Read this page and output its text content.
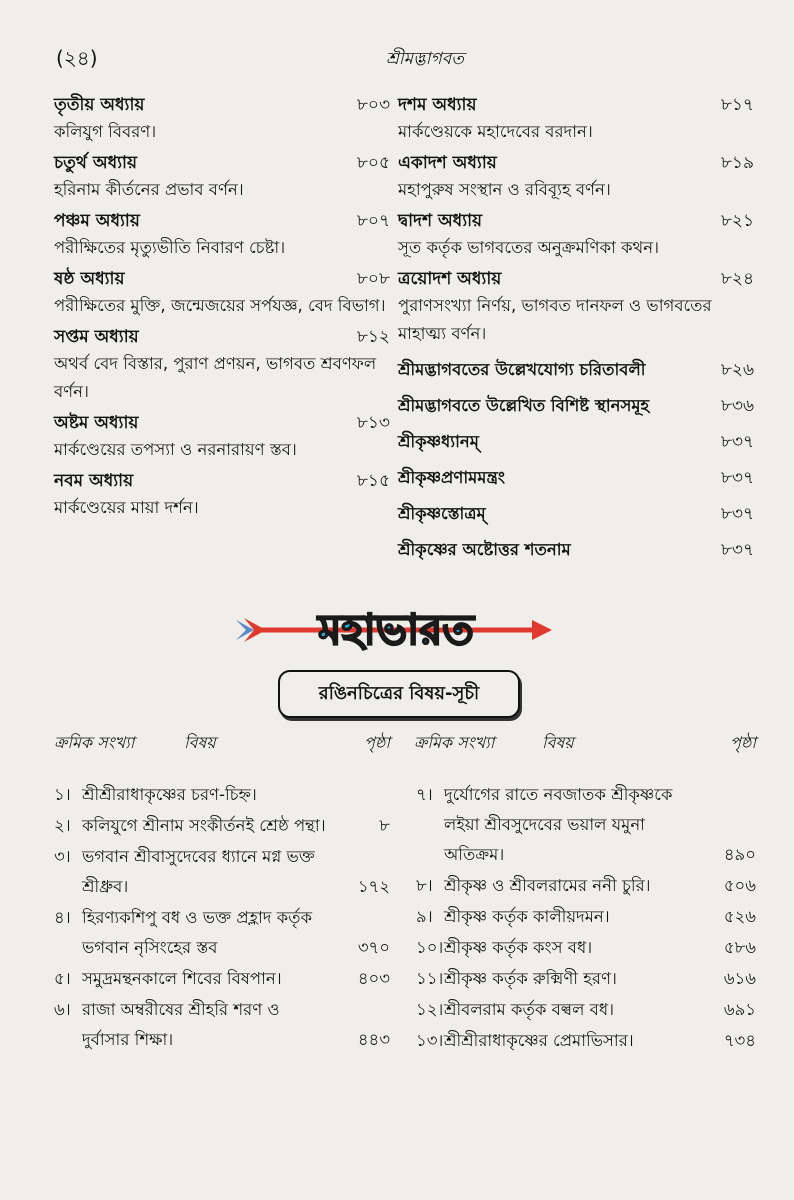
(২৪)	শ্রীমদ্ভাগবত
তৃতীয় অধ্যায়	৮০৩
কলিযুগ বিবরণ।
চতুর্থ অধ্যায়	৮০৫
হরিনাম কীর্তনের প্রভাব বর্ণন।
পঞ্চম অধ্যায়	৮০৭
পরীক্ষিতের মৃত্যুভীতি নিবারণ চেষ্টা।
ষষ্ঠ অধ্যায়	৮০৮
পরীক্ষিতের মুক্তি, জন্মেজয়ের সর্পযজ্ঞ, বেদ বিভাগ।
সপ্তম অধ্যায়	৮১২
অথর্ব বেদ বিস্তার, পুরাণ প্রণয়ন, ভাগবত শ্রবণফল বর্ণন।
অষ্টম অধ্যায়	৮১৩
মার্কণ্ডেয়ের তপস্যা ও নরনারায়ণ স্তব।
নবম অধ্যায়	৮১৫
মার্কণ্ডেয়ের মায়া দর্শন।
দশম অধ্যায়	৮১৭
মার্কণ্ডেয়কে মহাদেবের বরদান।
একাদশ অধ্যায়	৮১৯
মহাপুরুষ সংস্থান ও রবিব্যূহ বর্ণন।
দ্বাদশ অধ্যায়	৮২১
সূত কর্তৃক ভাগবতের অনুক্রমণিকা কথন।
ত্রয়োদশ অধ্যায়	৮২৪
পুরাণসংখ্যা নির্ণয়, ভাগবত দানফল ও ভাগবতের মাহাত্ম্য বর্ণন।
শ্রীমদ্ভাগবতের উল্লেখযোগ্য চরিতাবলী	৮২৬
শ্রীমদ্ভাগবতে উল্লেখিত বিশিষ্ট স্থানসমূহ	৮৩৬
শ্রীকৃষ্ণধ্যানম্	৮৩৭
শ্রীকৃষ্ণপ্রণামমন্ত্রং	৮৩৭
শ্রীকৃষ্ণস্তোত্রম্	৮৩৭
শ্রীকৃষ্ণের অষ্টোত্তর শতনাম	৮৩৭
মহাভারত
রঙিনচিত্রের বিষয়-সূচী
ক্রমিক সংখ্যা	বিষয়	পৃষ্ঠা ক্রমিক সংখ্যা	বিষয়	পৃষ্ঠা
১। শ্রীশ্রীরাধাকৃষ্ণের চরণ-চিহ্ন।
২। কলিযুগে শ্রীনাম সংকীর্তনই শ্রেষ্ঠ পন্থা।	৮
৩। ভগবান শ্রীবাসুদেবের ধ্যানে মগ্ন ভক্ত
শ্রীধ্রুব।	১৭২
৪। হিরণ্যকশিপু বধ ও ভক্ত প্রহ্লাদ কর্তৃক
ভগবান নৃসিংহের স্তব	৩৭০
৫। সমুদ্রমন্থনকালে শিবের বিষপান।	৪০৩
৬। রাজা অম্বরীষের শ্রীহরি শরণ ও
দুর্বাসার শিক্ষা।	৪৪৩
৭। দুর্যোগের রাতে নবজাতক শ্রীকৃষ্ণকে
লইয়া শ্রীবসুদেবের ভয়াল যমুনা
অতিক্রম।	৪৯০
৮। শ্রীকৃষ্ণ ও শ্রীবলরামের ননী চুরি।	৫০৬
৯। শ্রীকৃষ্ণ কর্তৃক কালীয়দমন।	৫২৬
১০।শ্রীকৃষ্ণ কর্তৃক কংস বধ।	৫৮৬
১১।শ্রীকৃষ্ণ কর্তৃক রুক্মিণী হরণ।	৬১৬
১২।শ্রীবলরাম কর্তৃক বল্বল বধ।	৬৯১
১৩।শ্রীশ্রীরাধাকৃষ্ণের প্রেমাভিসার।	৭৩৪
